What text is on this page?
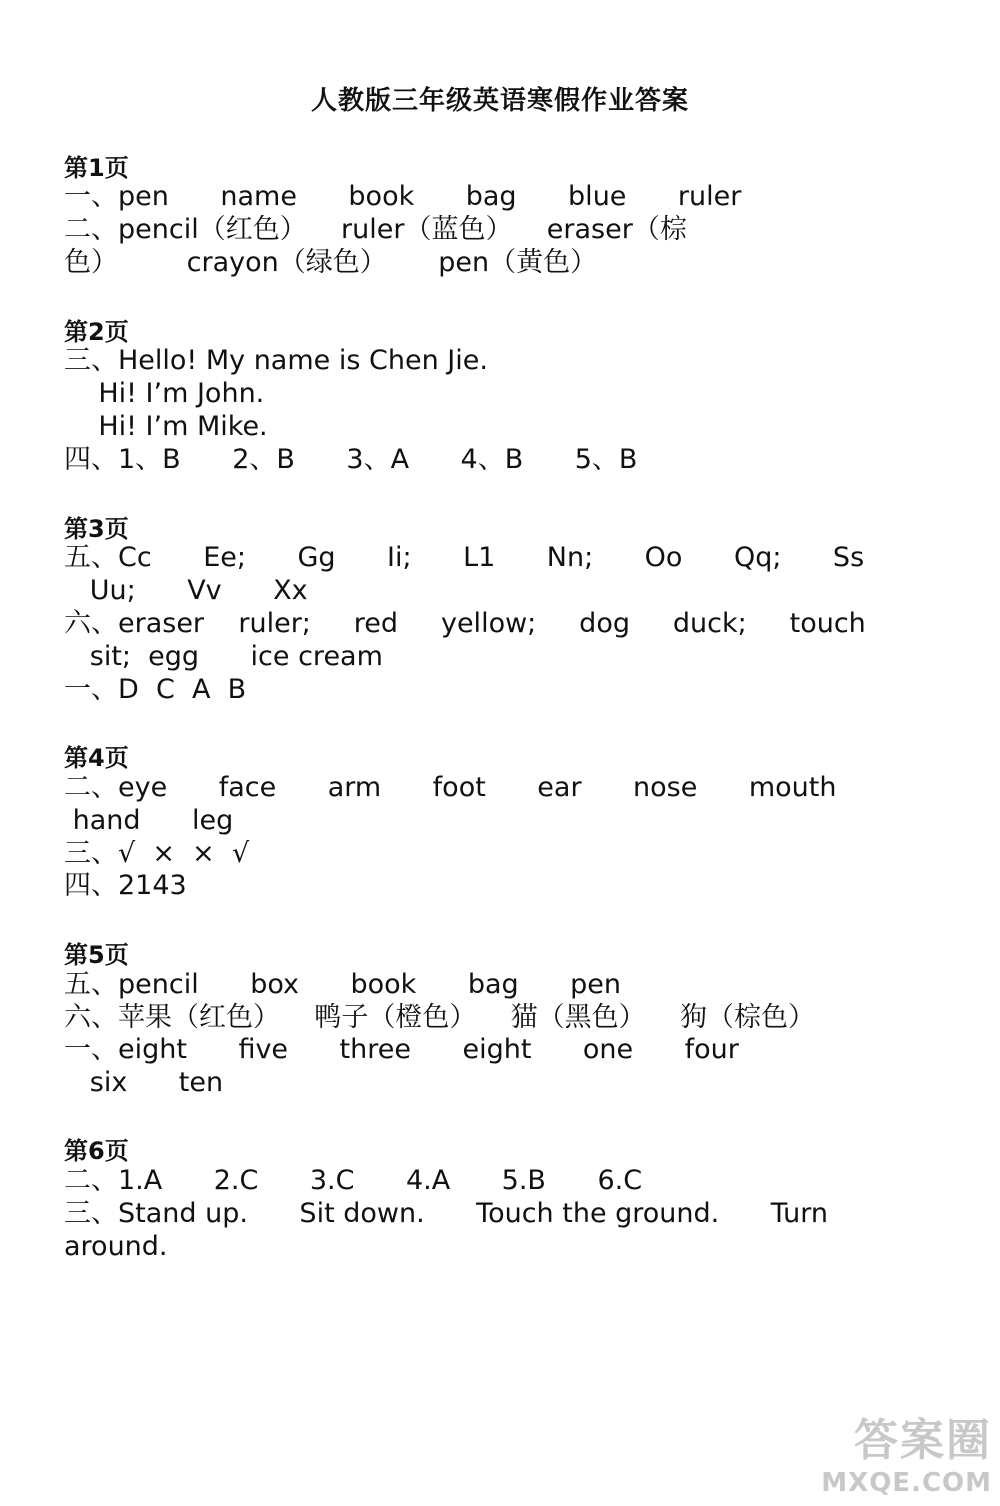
人教版三年级英语寒假作业答案
第1页
一、pen      name      book      bag      blue      ruler
二、pencil（红色）    ruler（蓝色）    eraser（棕
色）        crayon（绿色）      pen（黄色）
第2页
三、Hello! My name is Chen Jie.
Hi! I’m John.
Hi! I’m Mike.
四、1、B      2、B      3、A      4、B      5、B
第3页
五、Cc      Ee;      Gg      Ii;      L1      Nn;      Oo      Qq;      Ss
Uu;      Vv      Xx
六、eraser    ruler;     red     yellow;     dog     duck;     touch
sit;  egg      ice cream
一、D  C  A  B
第4页
二、eye      face      arm      foot      ear      nose      mouth
hand      leg
三、√  ×  ×  √
四、2143
第5页
五、pencil      box      book      bag      pen
六、苹果（红色）    鸭子（橙色）    猫（黑色）    狗（棕色）
一、eight      five      three      eight      one      four
six      ten
第6页
二、1.A      2.C      3.C      4.A      5.B      6.C
三、Stand up.      Sit down.      Touch the ground.      Turn
around.
答案圈
MXQE.COM
